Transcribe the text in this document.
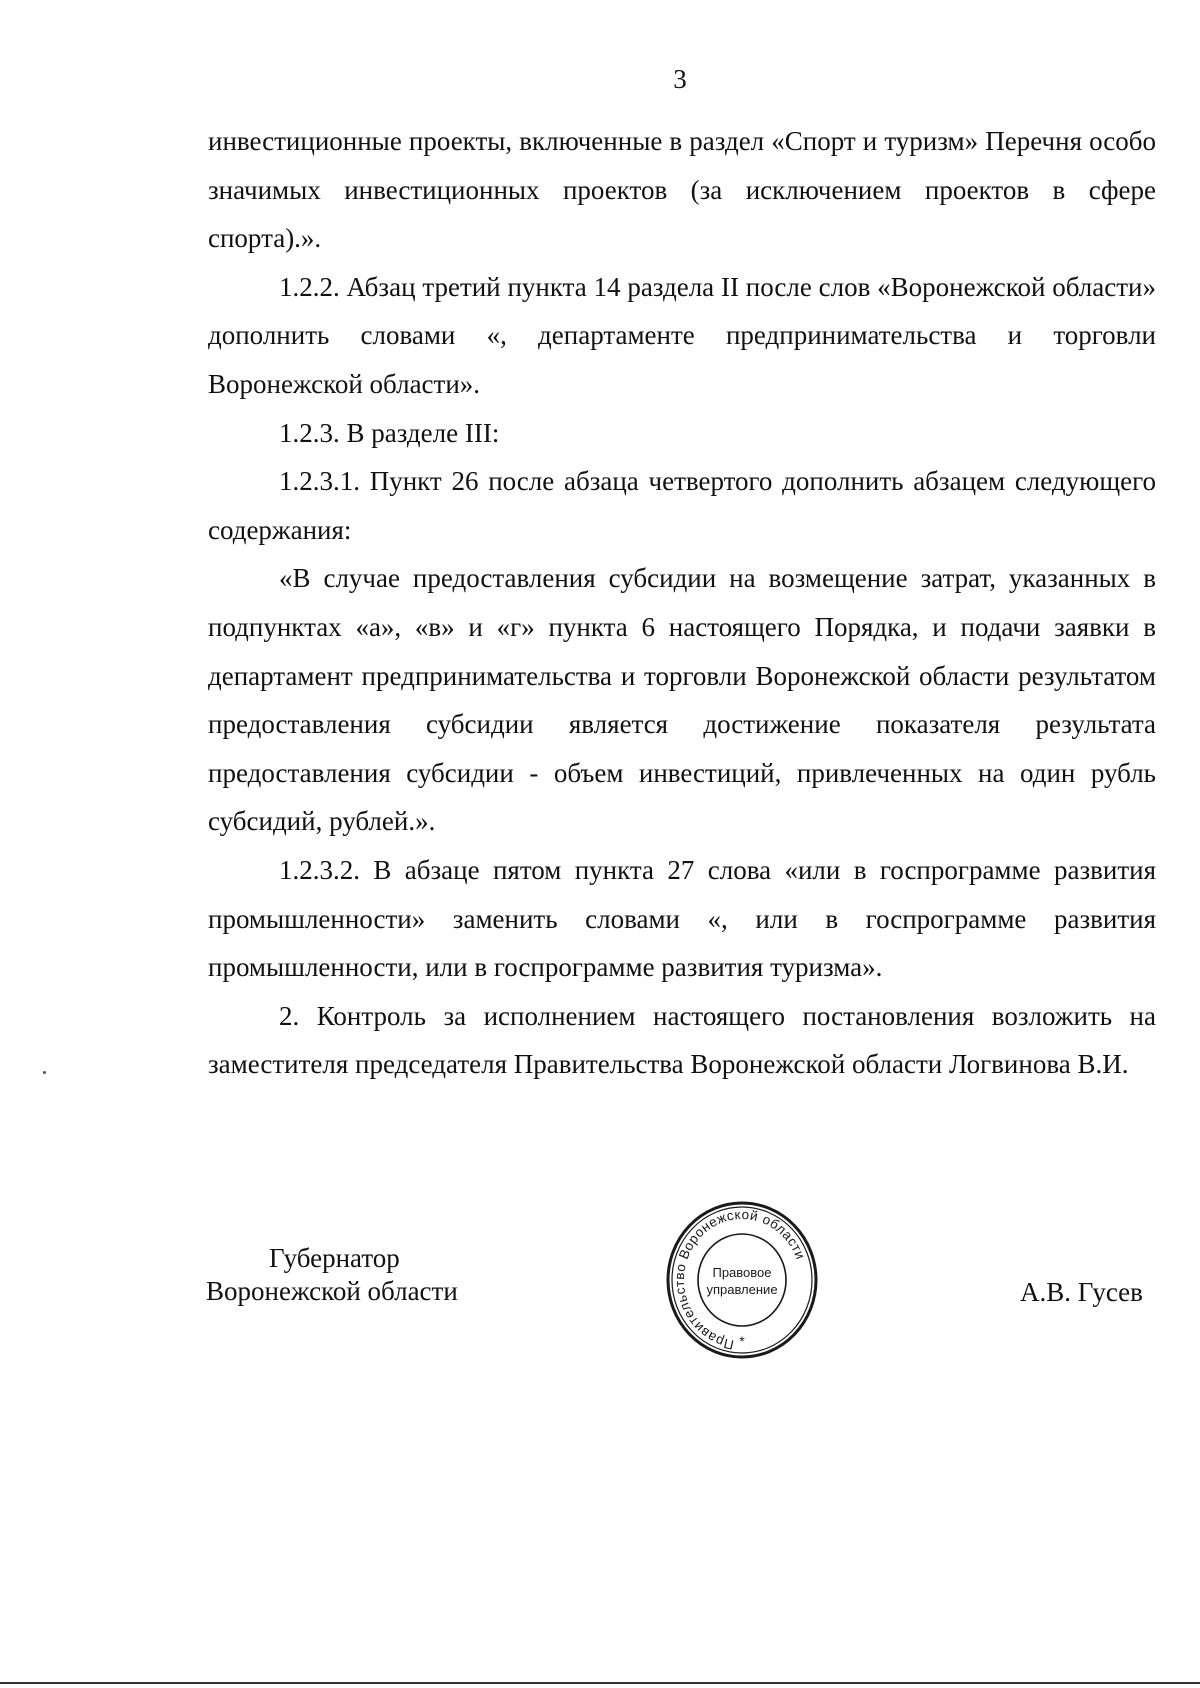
3

инвестиционные проекты, включенные в раздел «Спорт и туризм» Перечня особо значимых инвестиционных проектов (за исключением проектов в сфере спорта).».

1.2.2. Абзац третий пункта 14 раздела II после слов «Воронежской области» дополнить словами «, департаменте предпринимательства и торговли Воронежской области».

1.2.3. В разделе III:

1.2.3.1. Пункт 26 после абзаца четвертого дополнить абзацем следующего содержания:

«В случае предоставления субсидии на возмещение затрат, указанных в подпунктах «а», «в» и «г» пункта 6 настоящего Порядка, и подачи заявки в департамент предпринимательства и торговли Воронежской области результатом предоставления субсидии является достижение показателя результата предоставления субсидии - объем инвестиций, привлеченных на один рубль субсидий, рублей.».

1.2.3.2. В абзаце пятом пункта 27 слова «или в госпрограмме развития промышленности» заменить словами «, или в госпрограмме развития промышленности, или в госпрограмме развития туризма».

2. Контроль за исполнением настоящего постановления возложить на заместителя председателя Правительства Воронежской области Логвинова В.И.

Губернатор
Воронежской области
Правительство Воронежской области
Правовое
управление
*
А.В. Гусев
